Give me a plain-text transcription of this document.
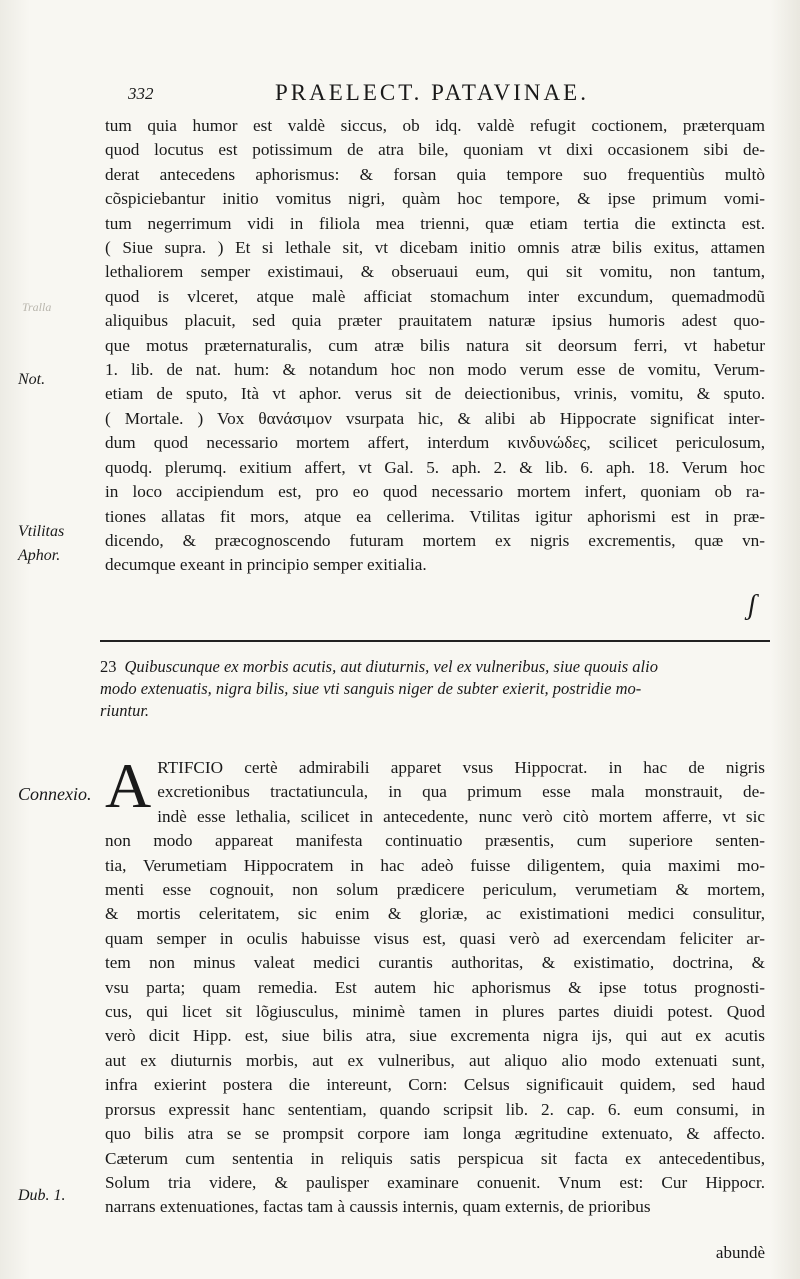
332	PRAELECT. PATAVINAE.
Tralla
Not.
Vtilitas
Aphor.
tum quia humor est valdè siccus, ob idq. valdè refugit coctionem, præterquam
quod locutus est potissimum de atra bile, quoniam vt dixi occasionem sibi de-
derat antecedens aphorismus: & forsan quia tempore suo frequentiùs multò
cõspiciebantur initio vomitus nigri, quàm hoc tempore, & ipse primum vomi-
tum negerrimum vidi in filiola mea trienni, quæ etiam tertia die extincta est.
( Siue supra. ) Et si lethale sit, vt dicebam initio omnis atræ bilis exitus, attamen
lethaliorem semper existimaui, & obseruaui eum, qui sit vomitu, non tantum,
quod is vlceret, atque malè afficiat stomachum inter excundum, quemadmodũ
aliquibus placuit, sed quia præter prauitatem naturæ ipsius humoris adest quo-
que motus præternaturalis, cum atræ bilis natura sit deorsum ferri, vt habetur
1. lib. de nat. hum: & notandum hoc non modo verum esse de vomitu, Verum-
etiam de sputo, Ità vt aphor. verus sit de deiectionibus, vrinis, vomitu, & sputo.
( Mortale. ) Vox θανάσιμον vsurpata hic, & alibi ab Hippocrate significat inter-
dum quod necessario mortem affert, interdum κινδυνώδες, scilicet periculosum,
quodq. plerumq. exitium affert, vt Gal. 5. aph. 2. & lib. 6. aph. 18. Verum hoc
in loco accipiendum est, pro eo quod necessario mortem infert, quoniam ob ra-
tiones allatas fit mors, atque ea cellerima. Vtilitas igitur aphorismi est in præ-
dicendo, & præcognoscendo futuram mortem ex nigris excrementis, quæ vn-
decumque exeant in principio semper exitialia.
ʃ
23 Quibuscunque ex morbis acutis, aut diuturnis, vel ex vulneribus, siue quouis alio
modo extenuatis, nigra bilis, siue vti sanguis niger de subter exierit, postridie mo-
riuntur.
Connexio.
Dub. 1.
A RTIFCIO certè admirabili apparet vsus Hippocrat. in hac de nigris
excretionibus tractatiuncula, in qua primum esse mala monstrauit, de-
indè esse lethalia, scilicet in antecedente, nunc verò citò mortem afferre, vt sic
non modo appareat manifesta continuatio præsentis, cum superiore senten-
tia, Verumetiam Hippocratem in hac adeò fuisse diligentem, quia maximi mo-
menti esse cognouit, non solum prædicere periculum, verumetiam & mortem,
& mortis celeritatem, sic enim & gloriæ, ac existimationi medici consulitur,
quam semper in oculis habuisse visus est, quasi verò ad exercendam feliciter ar-
tem non minus valeat medici curantis authoritas, & existimatio, doctrina, &
vsu parta; quam remedia. Est autem hic aphorismus & ipse totus prognosti-
cus, qui licet sit lõgiusculus, minimè tamen in plures partes diuidi potest. Quod
verò dicit Hipp. est, siue bilis atra, siue excrementa nigra ijs, qui aut ex acutis
aut ex diuturnis morbis, aut ex vulneribus, aut aliquo alio modo extenuati sunt,
infra exierint postera die intereunt, Corn: Celsus significauit quidem, sed haud
prorsus expressit hanc sententiam, quando scripsit lib. 2. cap. 6. eum consumi, in
quo bilis atra se se prompsit corpore iam longa ægritudine extenuato, & affecto.
Cæterum cum sententia in reliquis satis perspicua sit facta ex antecedentibus,
Solum tria videre, & paulisper examinare conuenit. Vnum est: Cur Hippocr.
narrans extenuationes, factas tam à caussis internis, quam externis, de prioribus
abundè
